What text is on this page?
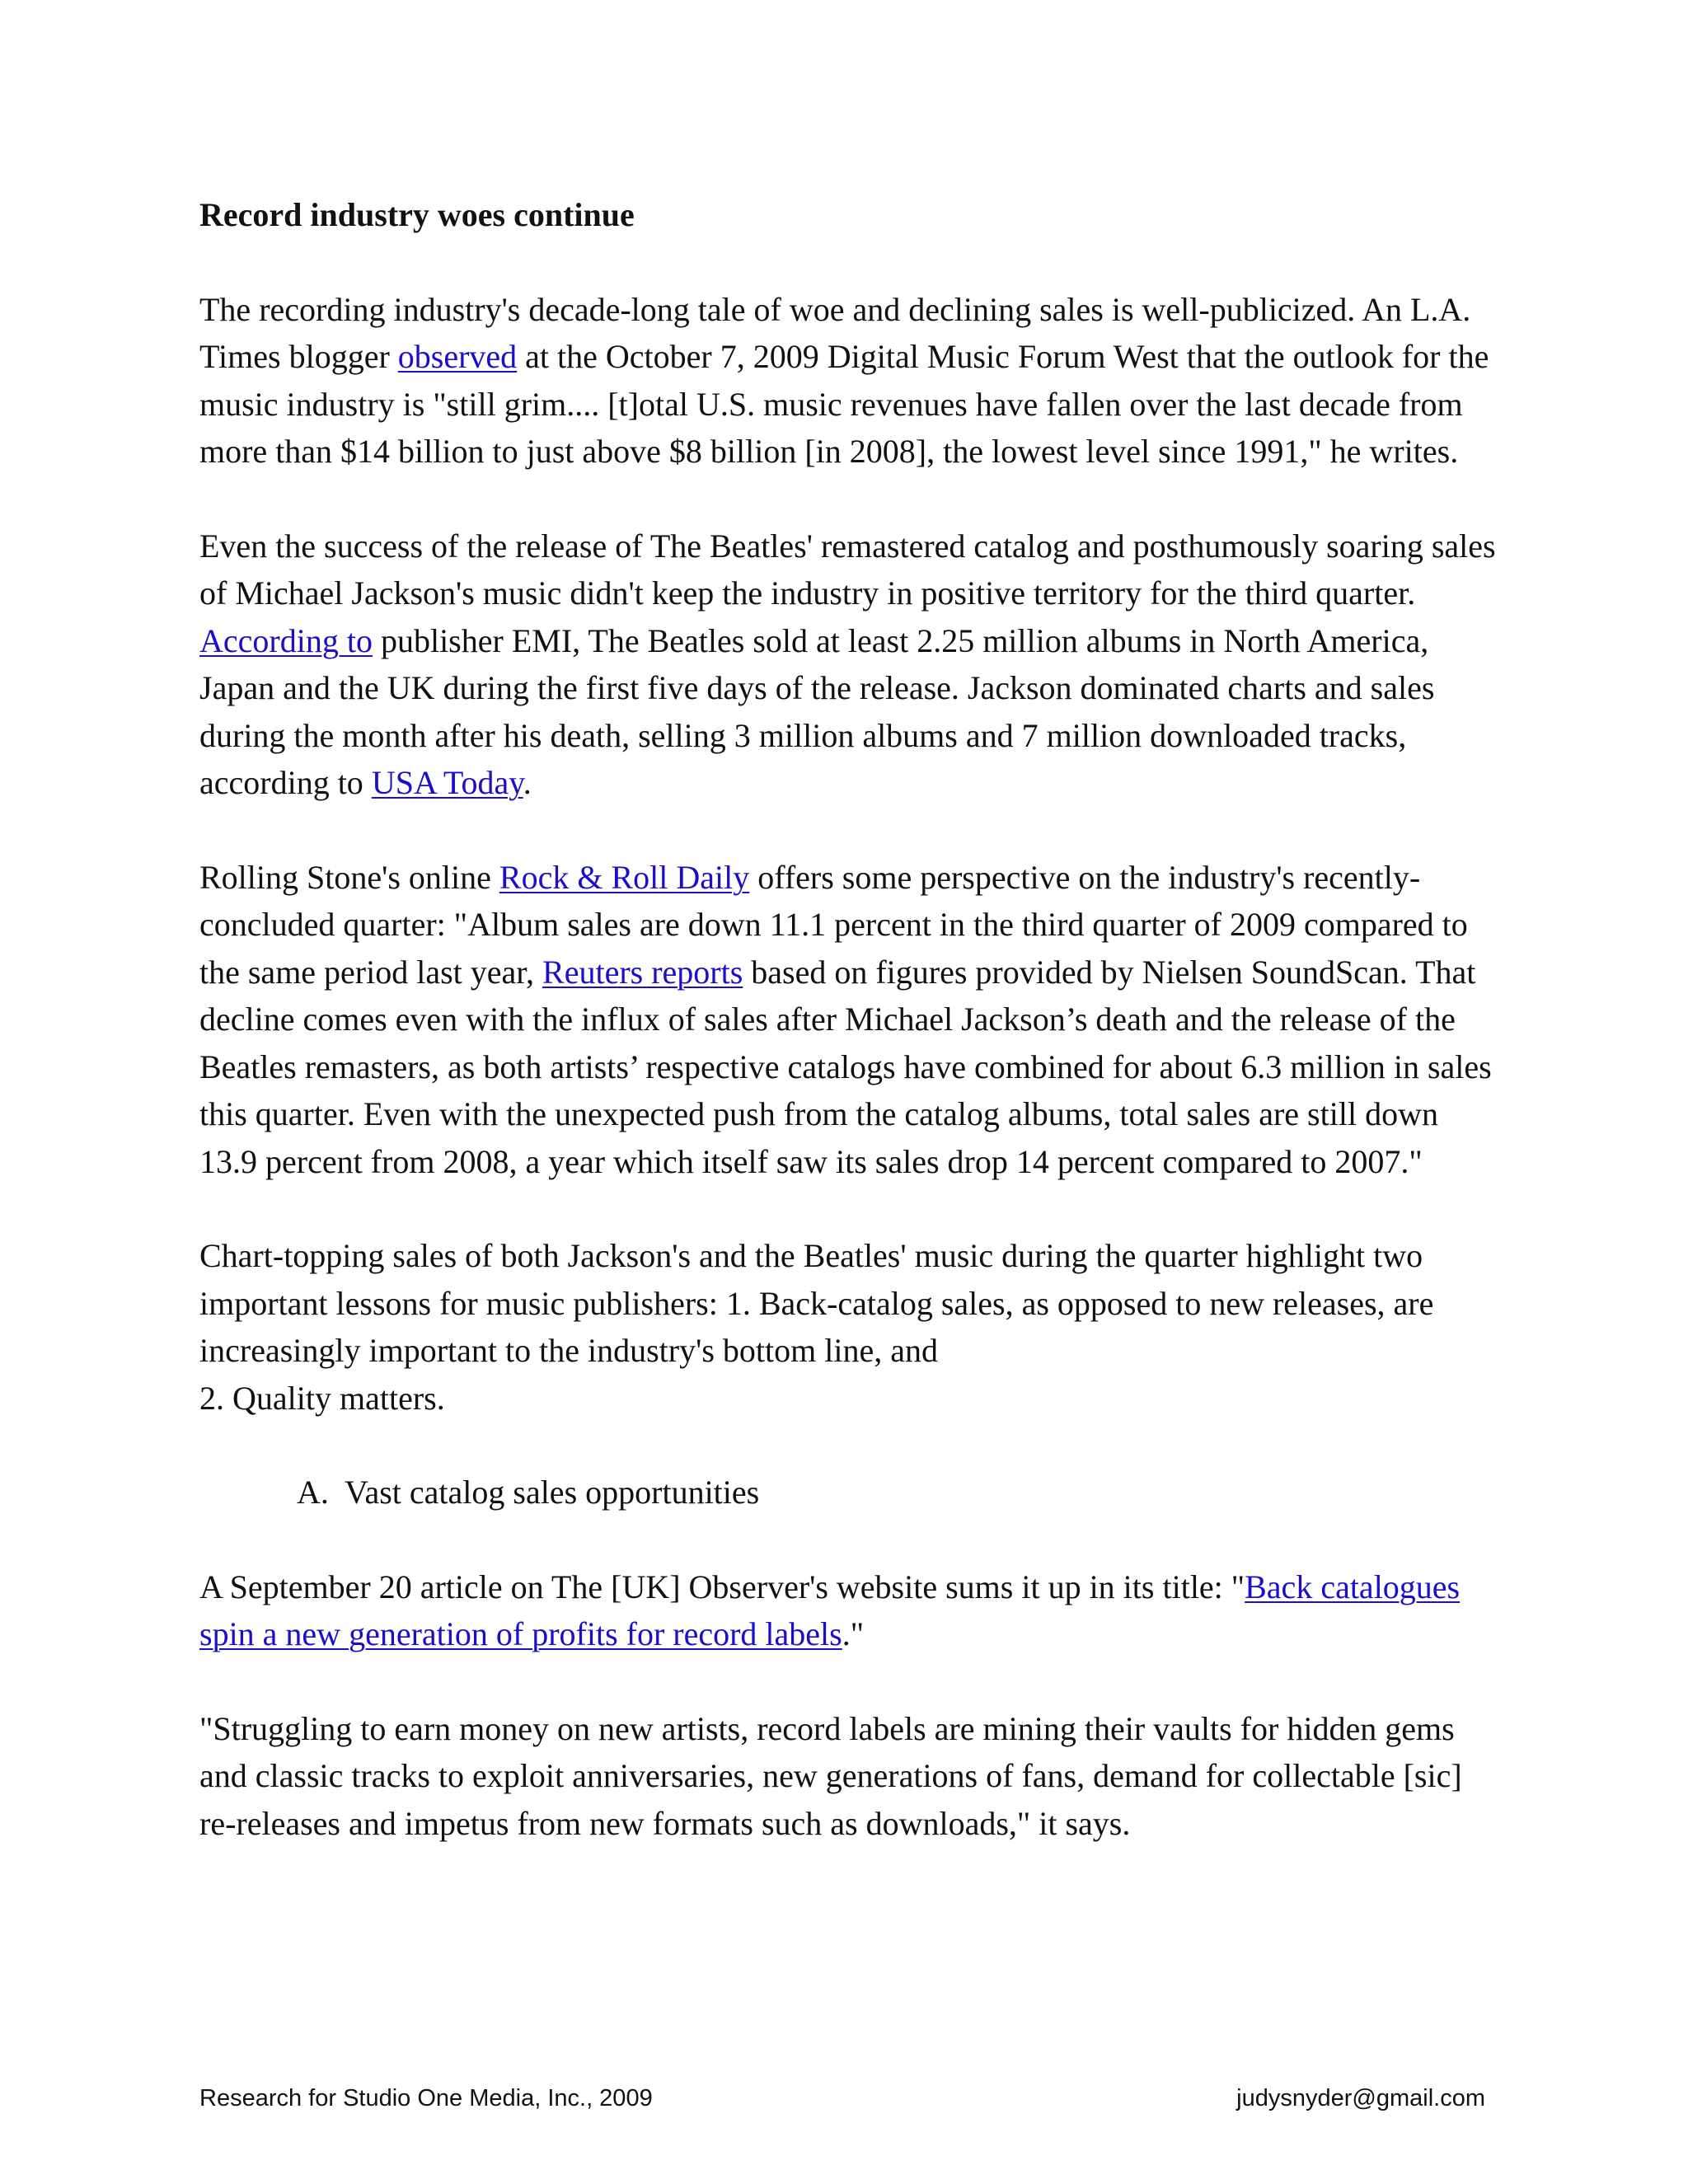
Record industry woes continue

The recording industry's decade-long tale of woe and declining sales is well-publicized. An L.A. Times blogger observed at the October 7, 2009 Digital Music Forum West that the outlook for the music industry is "still grim.... [t]otal U.S. music revenues have fallen over the last decade from more than $14 billion to just above $8 billion [in 2008], the lowest level since 1991," he writes.

Even the success of the release of The Beatles' remastered catalog and posthumously soaring sales of Michael Jackson's music didn't keep the industry in positive territory for the third quarter. According to publisher EMI, The Beatles sold at least 2.25 million albums in North America, Japan and the UK during the first five days of the release. Jackson dominated charts and sales during the month after his death, selling 3 million albums and 7 million downloaded tracks, according to USA Today.

Rolling Stone's online Rock & Roll Daily offers some perspective on the industry's recently-concluded quarter: "Album sales are down 11.1 percent in the third quarter of 2009 compared to the same period last year, Reuters reports based on figures provided by Nielsen SoundScan. That decline comes even with the influx of sales after Michael Jackson’s death and the release of the Beatles remasters, as both artists’ respective catalogs have combined for about 6.3 million in sales this quarter. Even with the unexpected push from the catalog albums, total sales are still down 13.9 percent from 2008, a year which itself saw its sales drop 14 percent compared to 2007."

Chart-topping sales of both Jackson's and the Beatles' music during the quarter highlight two important lessons for music publishers: 1. Back-catalog sales, as opposed to new releases, are increasingly important to the industry's bottom line, and
2. Quality matters.

A. Vast catalog sales opportunities

A September 20 article on The [UK] Observer's website sums it up in its title: "Back catalogues spin a new generation of profits for record labels."

"Struggling to earn money on new artists, record labels are mining their vaults for hidden gems and classic tracks to exploit anniversaries, new generations of fans, demand for collectable [sic] re-releases and impetus from new formats such as downloads," it says.

Research for Studio One Media, Inc., 2009	judysnyder@gmail.com
